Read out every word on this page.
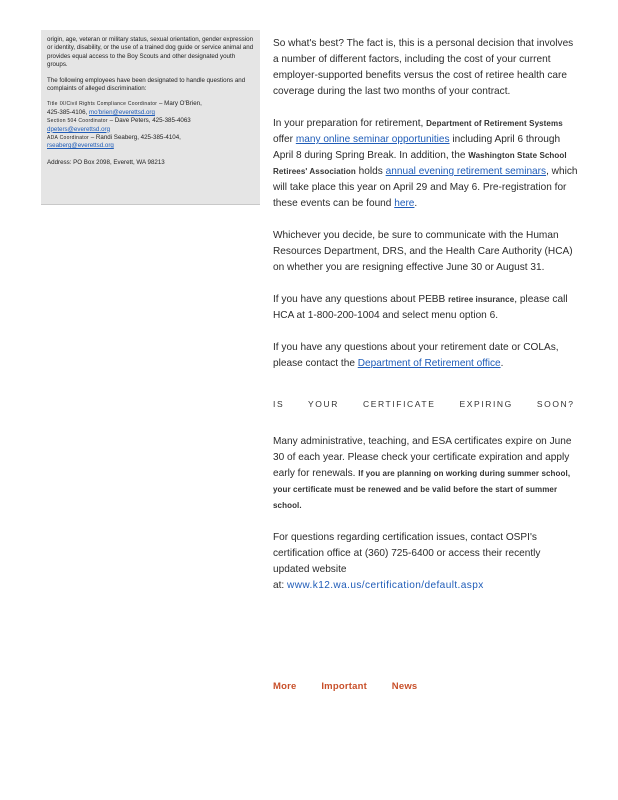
origin, age, veteran or military status, sexual orientation, gender expression or identity, disability, or the use of a trained dog guide or service animal and provides equal access to the Boy Scouts and other designated youth groups.

The following employees have been designated to handle questions and complaints of alleged discrimination:

Title IX/Civil Rights Compliance Coordinator – Mary O'Brien,
425-385-4106, mo'brien@everettsd.org
Section 504 Coordinator – Dave Peters, 425-385-4063
dpeters@everettsd.org
ADA Coordinator – Randi Seaberg, 425-385-4104,
rseaberg@everettsd.org

Address: PO Box 2098, Everett, WA 98213

So what's best? The fact is, this is a personal decision that involves a number of different factors, including the cost of your current employer-supported benefits versus the cost of retiree health care coverage during the last two months of your contract.

In your preparation for retirement, Department of Retirement Systems offer many online seminar opportunities including April 6 through April 8 during Spring Break. In addition, the Washington State School Retirees' Association holds annual evening retirement seminars, which will take place this year on April 29 and May 6. Pre-registration for these events can be found here.

Whichever you decide, be sure to communicate with the Human Resources Department, DRS, and the Health Care Authority (HCA) on whether you are resigning effective June 30 or August 31.

If you have any questions about PEBB retiree insurance, please call HCA at 1-800-200-1004 and select menu option 6.

If you have any questions about your retirement date or COLAs, please contact the Department of Retirement office.

IS YOUR CERTIFICATE EXPIRING SOON?

Many administrative, teaching, and ESA certificates expire on June 30 of each year. Please check your certificate expiration and apply early for renewals. If you are planning on working during summer school, your certificate must be renewed and be valid before the start of summer school.

For questions regarding certification issues, contact OSPI's certification office at (360) 725-6400 or access their recently updated website
at: www.k12.wa.us/certification/default.aspx

More Important News
